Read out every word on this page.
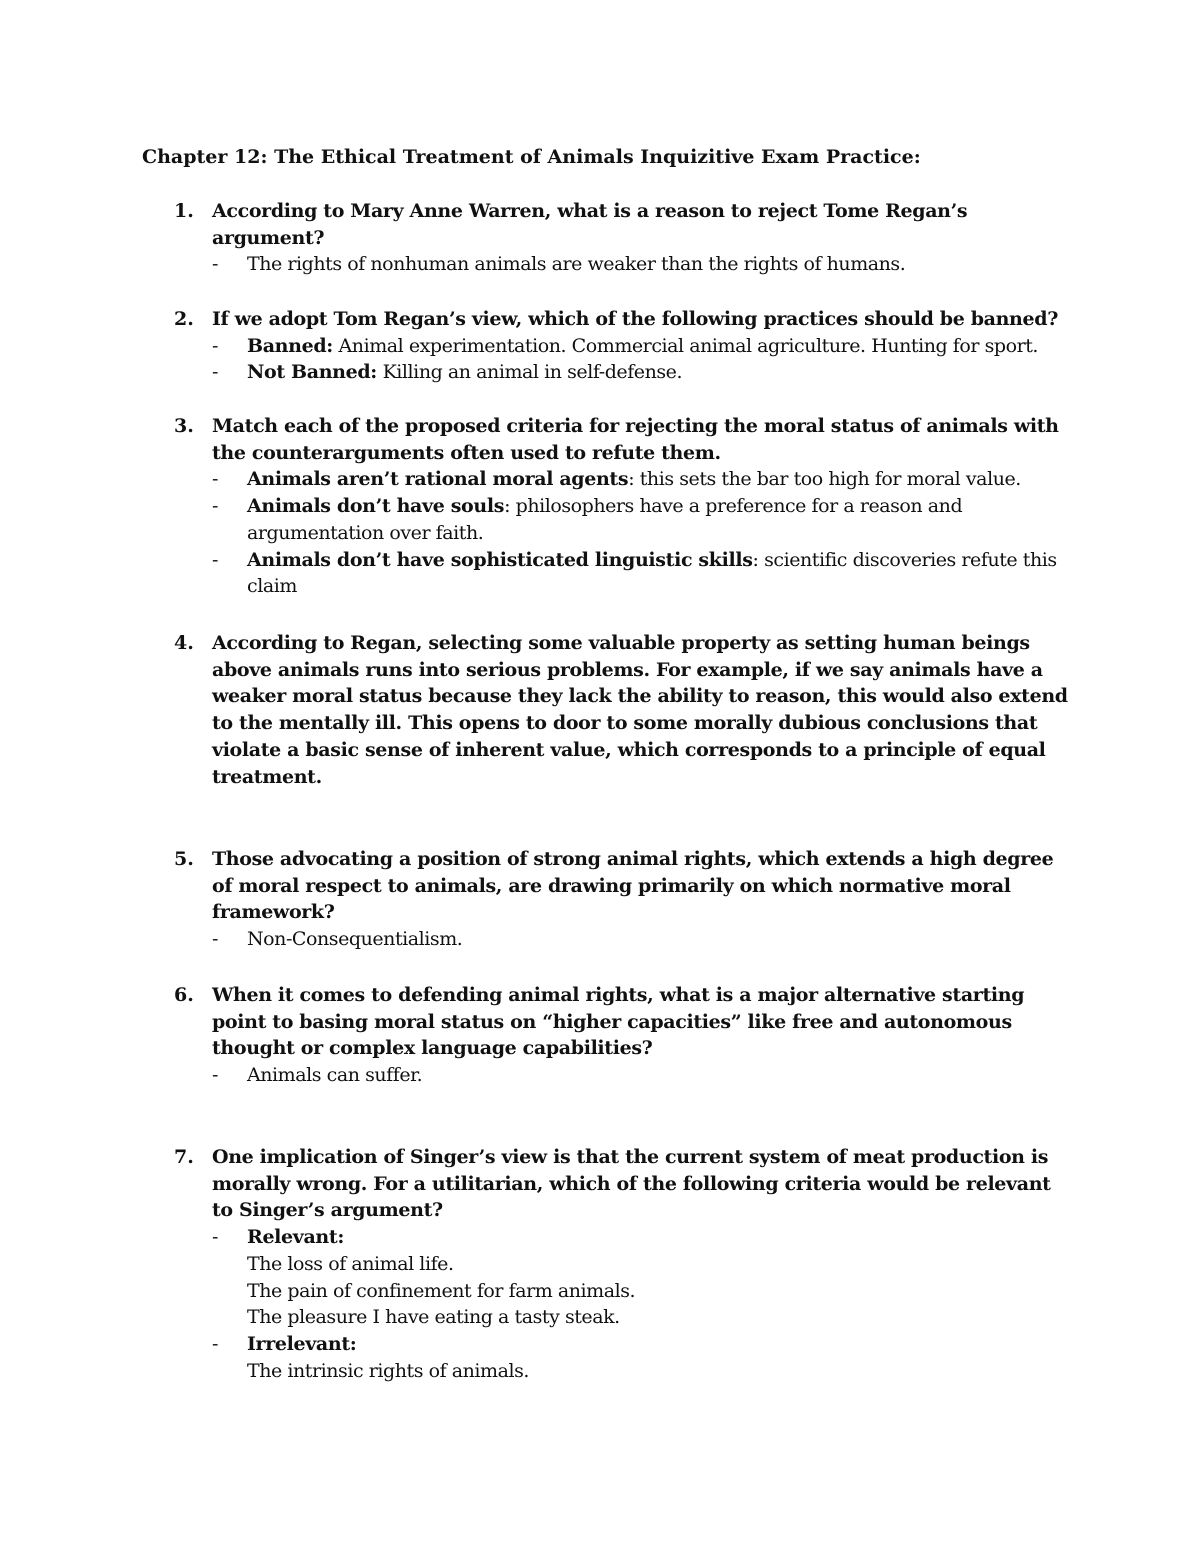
Chapter 12: The Ethical Treatment of Animals Inquizitive Exam Practice:
1. According to Mary Anne Warren, what is a reason to reject Tome Regan’s argument?
- The rights of nonhuman animals are weaker than the rights of humans.
2. If we adopt Tom Regan’s view, which of the following practices should be banned?
- Banned: Animal experimentation. Commercial animal agriculture. Hunting for sport.
- Not Banned: Killing an animal in self-defense.
3. Match each of the proposed criteria for rejecting the moral status of animals with the counterarguments often used to refute them.
- Animals aren’t rational moral agents: this sets the bar too high for moral value.
- Animals don’t have souls: philosophers have a preference for a reason and argumentation over faith.
- Animals don’t have sophisticated linguistic skills: scientific discoveries refute this claim
4. According to Regan, selecting some valuable property as setting human beings above animals runs into serious problems. For example, if we say animals have a weaker moral status because they lack the ability to reason, this would also extend to the mentally ill. This opens to door to some morally dubious conclusions that violate a basic sense of inherent value, which corresponds to a principle of equal treatment.
5. Those advocating a position of strong animal rights, which extends a high degree of moral respect to animals, are drawing primarily on which normative moral framework?
- Non-Consequentialism.
6. When it comes to defending animal rights, what is a major alternative starting point to basing moral status on “higher capacities” like free and autonomous thought or complex language capabilities?
- Animals can suffer.
7. One implication of Singer’s view is that the current system of meat production is morally wrong. For a utilitarian, which of the following criteria would be relevant to Singer’s argument?
- Relevant:
The loss of animal life.
The pain of confinement for farm animals.
The pleasure I have eating a tasty steak.
- Irrelevant:
The intrinsic rights of animals.
